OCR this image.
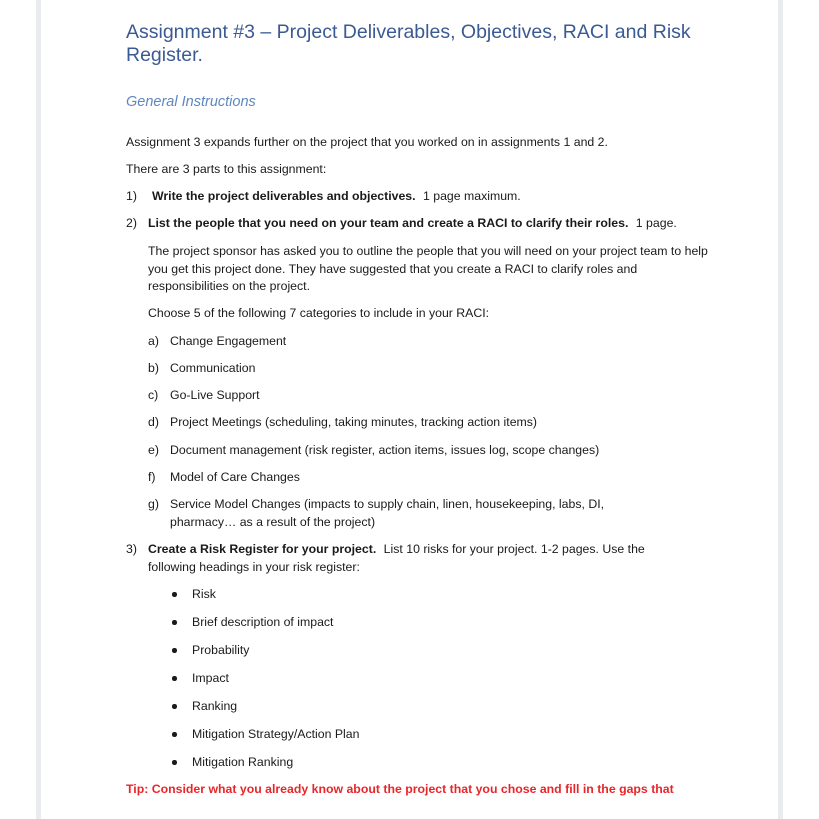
Assignment #3 – Project Deliverables, Objectives, RACI and Risk Register.
General Instructions
Assignment 3 expands further on the project that you worked on in assignments 1 and 2.
There are 3 parts to this assignment:
1) Write the project deliverables and objectives. 1 page maximum.
2) List the people that you need on your team and create a RACI to clarify their roles. 1 page.
The project sponsor has asked you to outline the people that you will need on your project team to help you get this project done. They have suggested that you create a RACI to clarify roles and responsibilities on the project.
Choose 5 of the following 7 categories to include in your RACI:
a) Change Engagement
b) Communication
c) Go-Live Support
d) Project Meetings (scheduling, taking minutes, tracking action items)
e) Document management (risk register, action items, issues log, scope changes)
f) Model of Care Changes
g) Service Model Changes (impacts to supply chain, linen, housekeeping, labs, DI, pharmacy… as a result of the project)
3) Create a Risk Register for your project. List 10 risks for your project. 1-2 pages. Use the following headings in your risk register:
Risk
Brief description of impact
Probability
Impact
Ranking
Mitigation Strategy/Action Plan
Mitigation Ranking
Tip: Consider what you already know about the project that you chose and fill in the gaps that
